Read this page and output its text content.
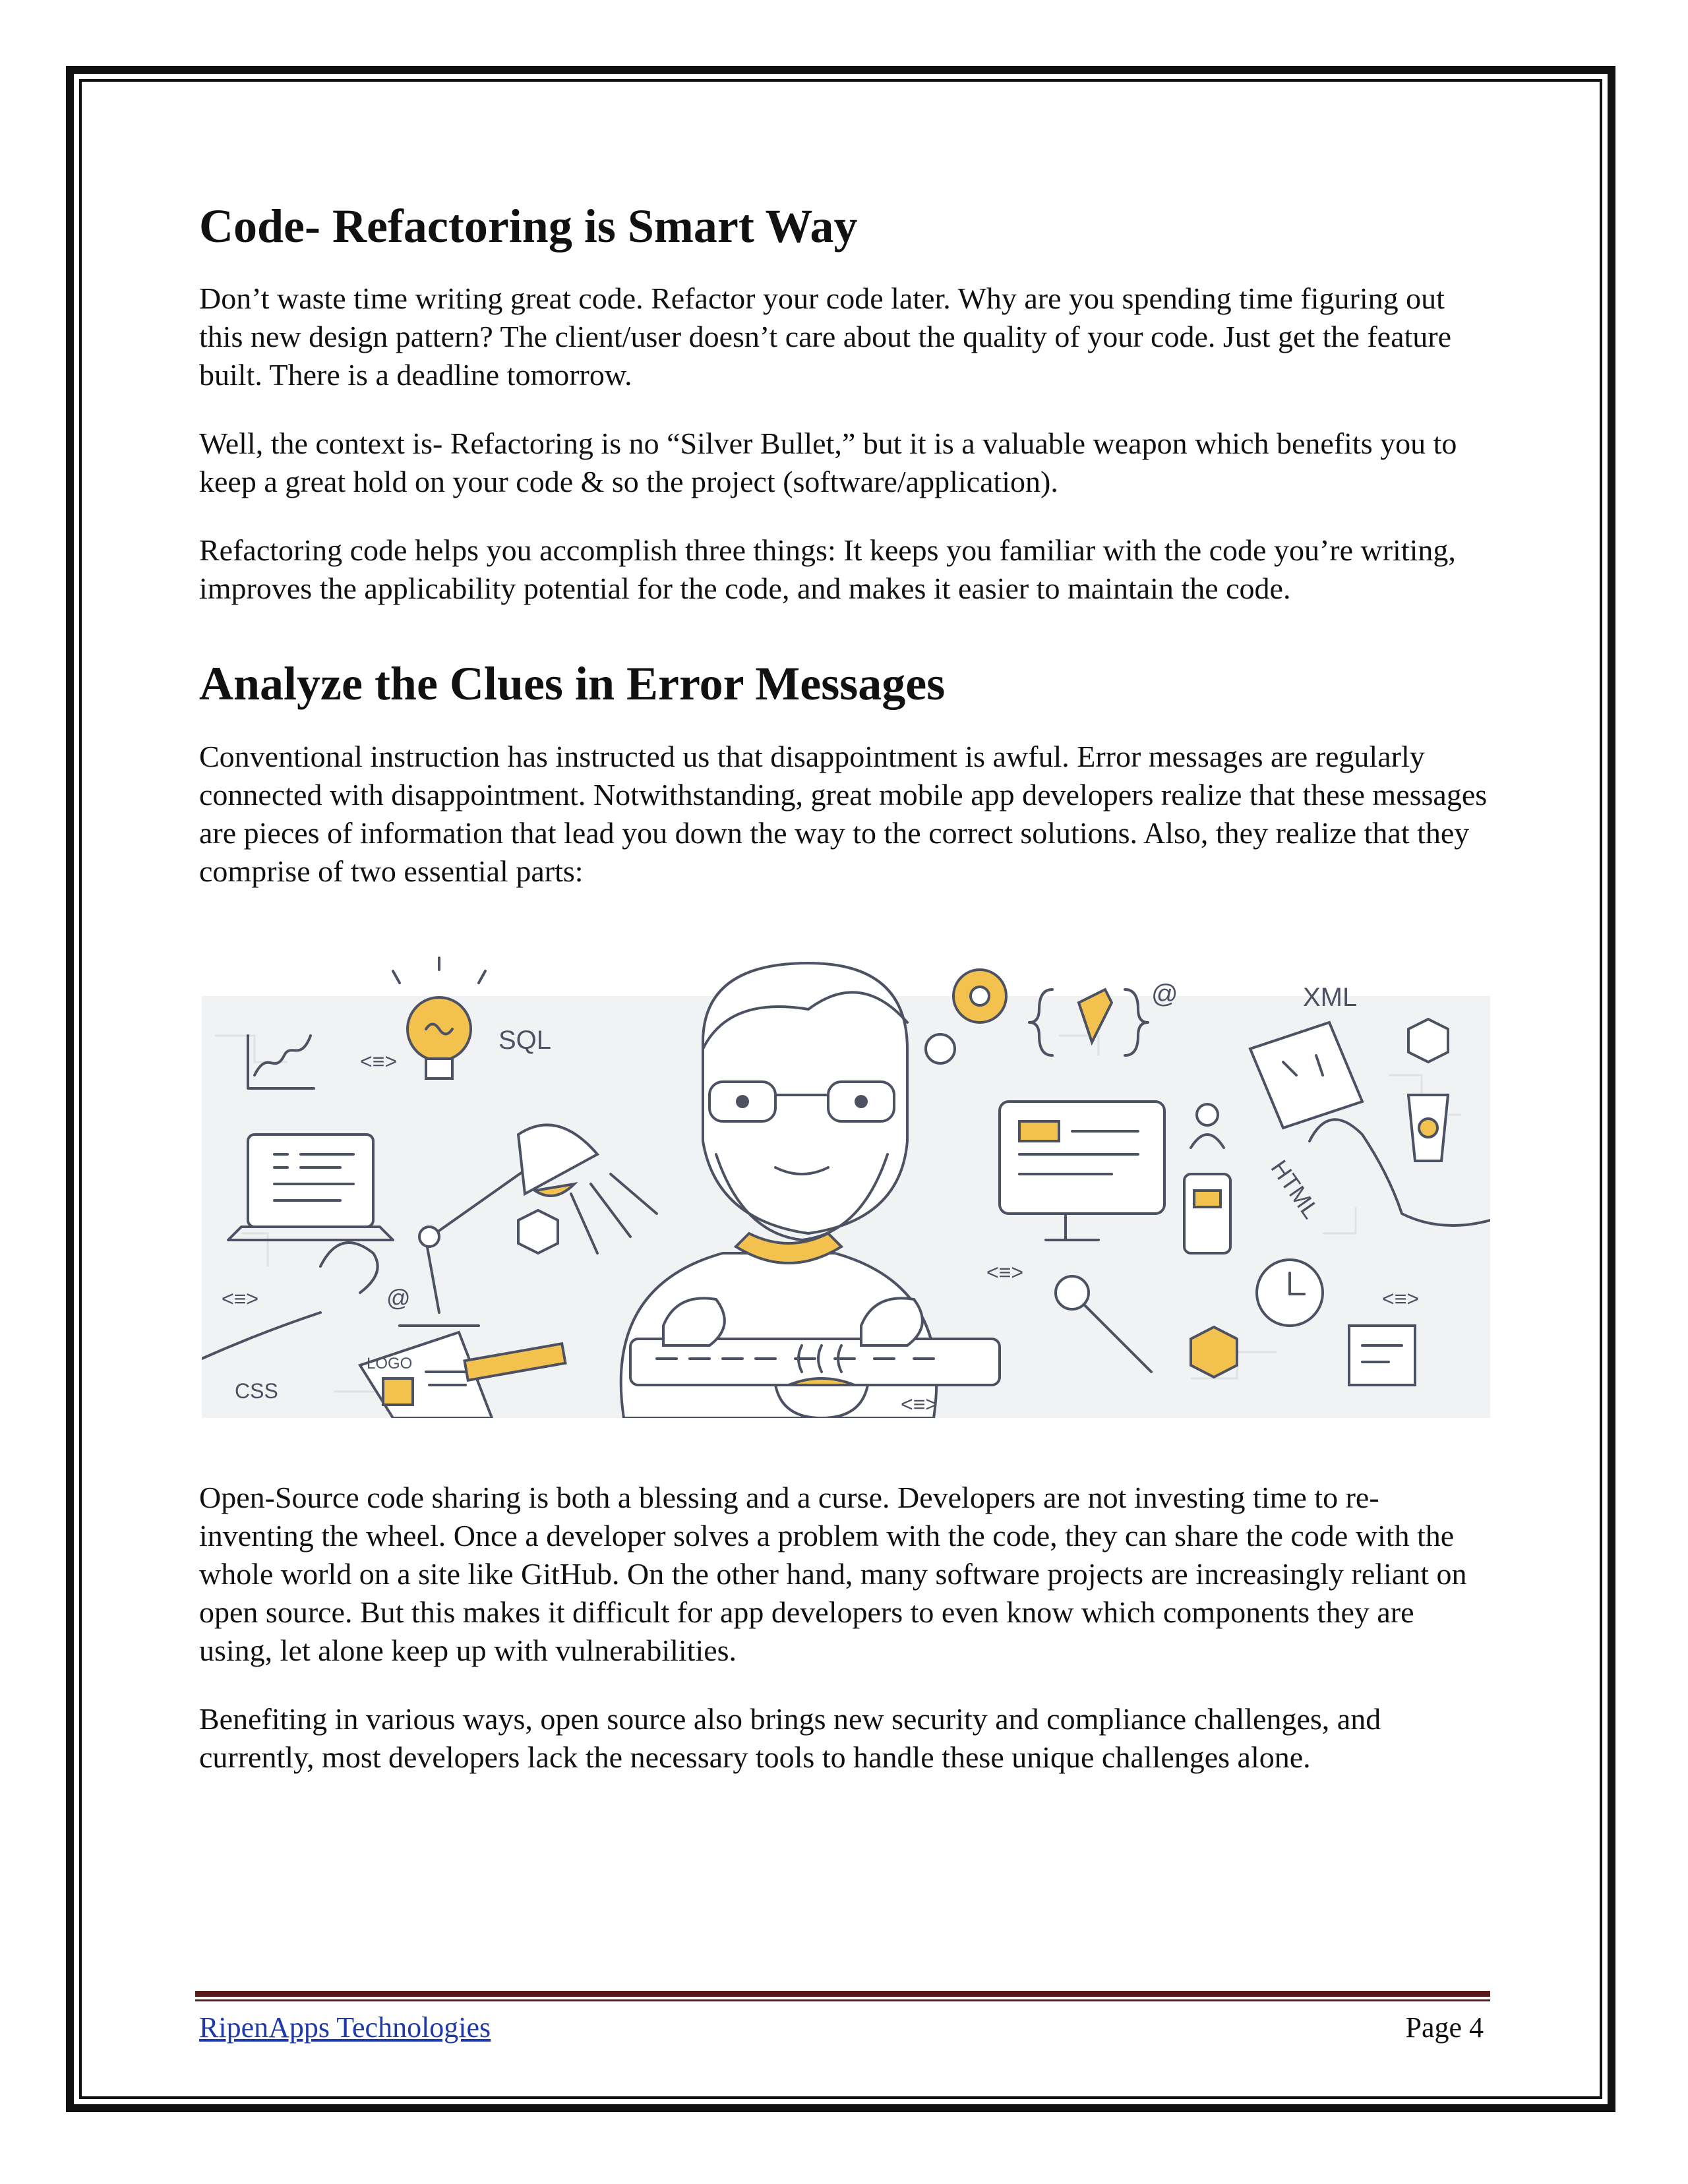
Code- Refactoring is Smart Way

Don’t waste time writing great code. Refactor your code later. Why are you spending time figuring out this new design pattern? The client/user doesn’t care about the quality of your code. Just get the feature built. There is a deadline tomorrow.

Well, the context is- Refactoring is no “Silver Bullet,” but it is a valuable weapon which benefits you to keep a great hold on your code & so the project (software/application).

Refactoring code helps you accomplish three things: It keeps you familiar with the code you’re writing, improves the applicability potential for the code, and makes it easier to maintain the code.

Analyze the Clues in Error Messages

Conventional instruction has instructed us that disappointment is awful. Error messages are regularly connected with disappointment. Notwithstanding, great mobile app developers realize that these messages are pieces of information that lead you down the way to the correct solutions. Also, they realize that they comprise of two essential parts:

SQL
<≡>
<≡>	@
CSS
LOGO
<≡>
@	XML
<≡>
HTML
<≡>

Open-Source code sharing is both a blessing and a curse. Developers are not investing time to re-inventing the wheel. Once a developer solves a problem with the code, they can share the code with the whole world on a site like GitHub. On the other hand, many software projects are increasingly reliant on open source. But this makes it difficult for app developers to even know which components they are using, let alone keep up with vulnerabilities.

Benefiting in various ways, open source also brings new security and compliance challenges, and currently, most developers lack the necessary tools to handle these unique challenges alone.

RipenApps Technologies	Page 4
